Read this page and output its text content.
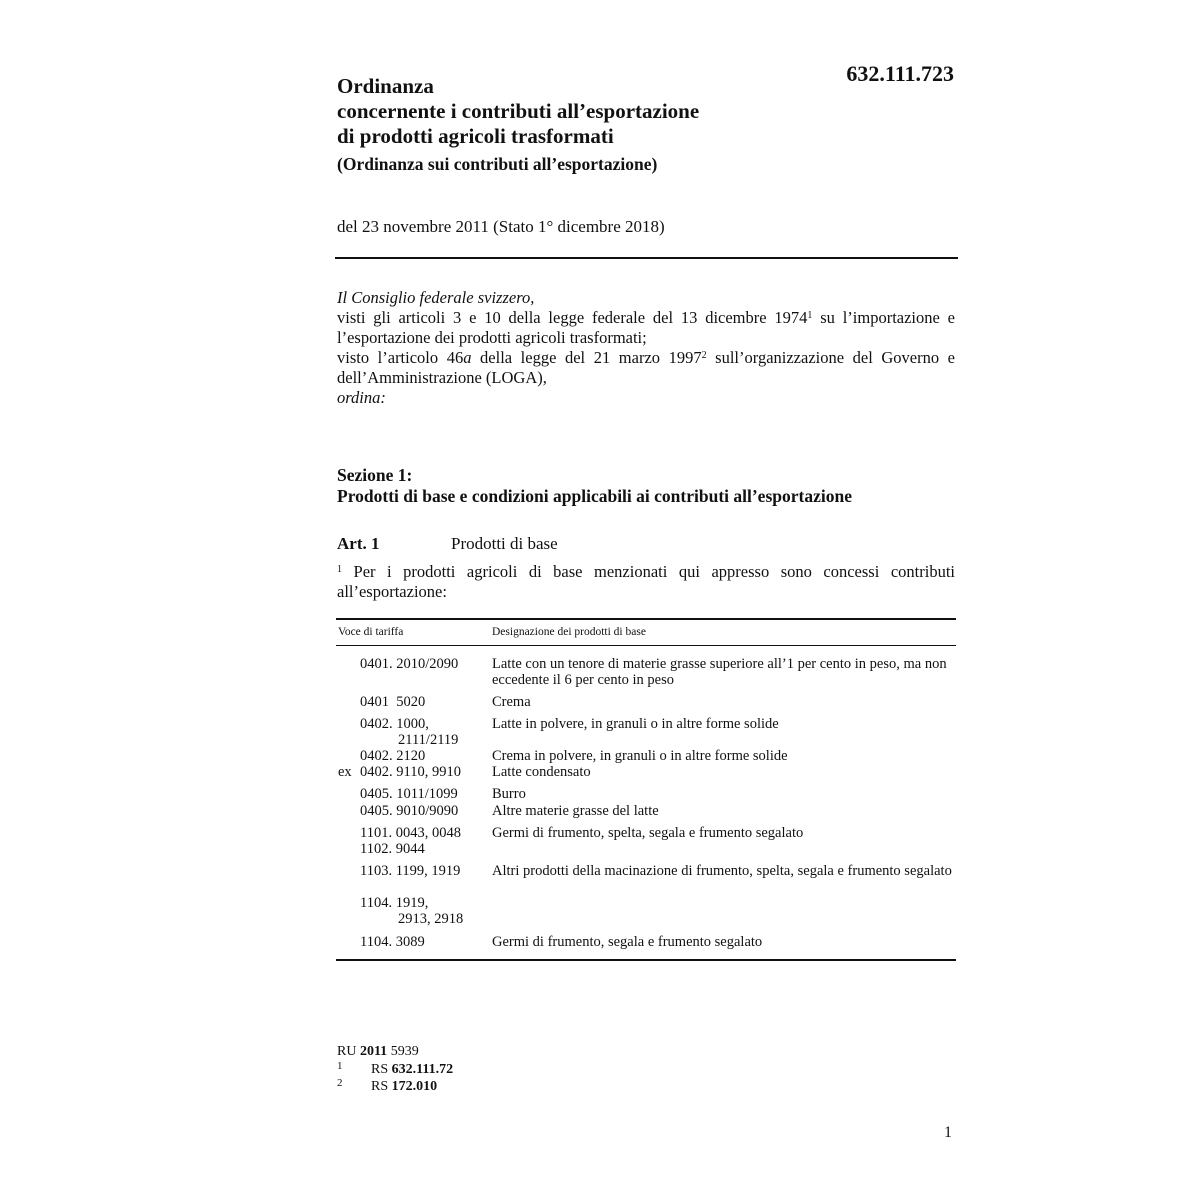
632.111.723
Ordinanza
concernente i contributi all’esportazione
di prodotti agricoli trasformati
(Ordinanza sui contributi all’esportazione)
del 23 novembre 2011 (Stato 1° dicembre 2018)

Il Consiglio federale svizzero,

visti gli articoli 3 e 10 della legge federale del 13 dicembre 1974$^1$ su l’importazione e l’esportazione dei prodotti agricoli trasformati;

visto l’articolo 46a della legge del 21 marzo 1997$^2$ sull’organizzazione del Governo e dell’Amministrazione (LOGA),

ordina:

Sezione 1:
Prodotti di base e condizioni applicabili ai contributi all’esportazione
Art. 1	Prodotti di base
$^1$ Per i prodotti agricoli di base menzionati qui appresso sono concessi contributi all’esportazione:
Voce di tariffa	Designazione dei prodotti di base
0401. 2010/2090 Latte con un tenore di materie grasse superiore all’1 per cento in peso, ma non eccedente il 6 per cento in peso
0401  5020	Crema
0402. 1000,
2111/2119
Latte in polvere, in granuli o in altre forme solide
0402. 2120	Crema in polvere, in granuli o in altre forme solide
ex 0402. 9110, 9910 Latte condensato
0405. 1011/1099 Burro
0405. 9010/9090 Altre materie grasse del latte
1101. 0043, 0048 Germi di frumento, spelta, segala e frumento segalato
1102. 9044
1103. 1199, 1919 Altri prodotti della macinazione di frumento, spelta, segala e frumento segalato
1104. 1919,
2913, 2918
1104. 3089	Germi di frumento, segala e frumento segalato
RU 2011 5939
1 RS 632.111.72
2 RS 172.010
1
